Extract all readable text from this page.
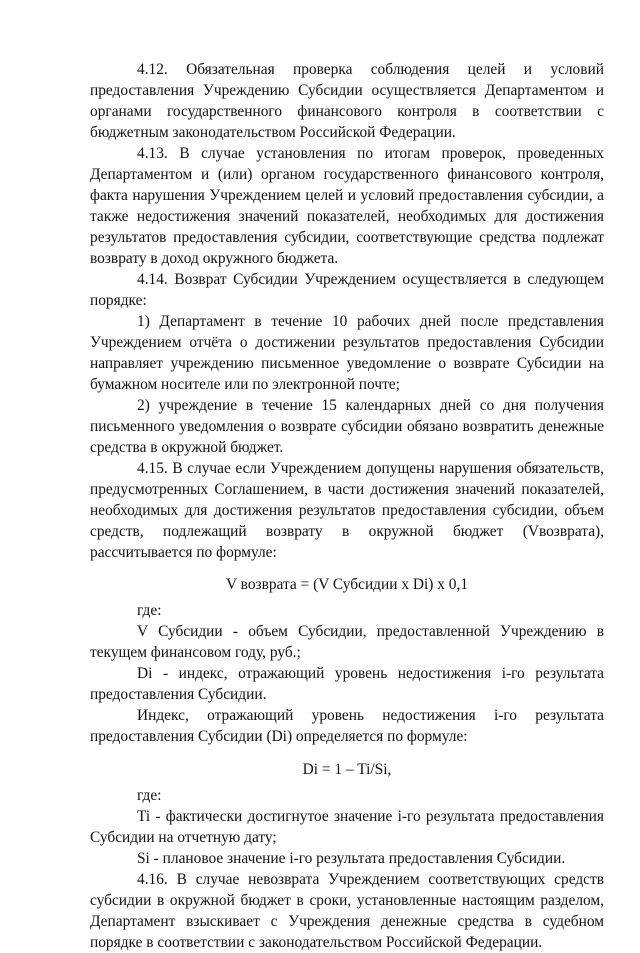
4.12. Обязательная проверка соблюдения целей и условий предоставления Учреждению Субсидии осуществляется Департаментом и органами государственного финансового контроля в соответствии с бюджетным законодательством Российской Федерации.

4.13. В случае установления по итогам проверок, проведенных Департаментом и (или) органом государственного финансового контроля, факта нарушения Учреждением целей и условий предоставления субсидии, а также недостижения значений показателей, необходимых для достижения результатов предоставления субсидии, соответствующие средства подлежат возврату в доход окружного бюджета.

4.14. Возврат Субсидии Учреждением осуществляется в следующем порядке:

1) Департамент в течение 10 рабочих дней после представления Учреждением отчёта о достижении результатов предоставления Субсидии направляет учреждению письменное уведомление о возврате Субсидии на бумажном носителе или по электронной почте;

2) учреждение в течение 15 календарных дней со дня получения письменного уведомления о возврате субсидии обязано возвратить денежные средства в окружной бюджет.

4.15. В случае если Учреждением допущены нарушения обязательств, предусмотренных Соглашением, в части достижения значений показателей, необходимых для достижения результатов предоставления субсидии, объем средств, подлежащий возврату в окружной бюджет (Vвозврата), рассчитывается по формуле:

V возврата = (V Субсидии x Di) x 0,1

где:

V Субсидии - объем Субсидии, предоставленной Учреждению в текущем финансовом году, руб.;

Di - индекс, отражающий уровень недостижения i-го результата предоставления Субсидии.

Индекс, отражающий уровень недостижения i-го результата предоставления Субсидии (Di) определяется по формуле:

Di = 1 – Ti/Si,

где:

Ti - фактически достигнутое значение i-го результата предоставления Субсидии на отчетную дату;

Si - плановое значение i-го результата предоставления Субсидии.

4.16. В случае невозврата Учреждением соответствующих средств субсидии в окружной бюджет в сроки, установленные настоящим разделом, Департамент взыскивает с Учреждения денежные средства в судебном порядке в соответствии с законодательством Российской Федерации.
